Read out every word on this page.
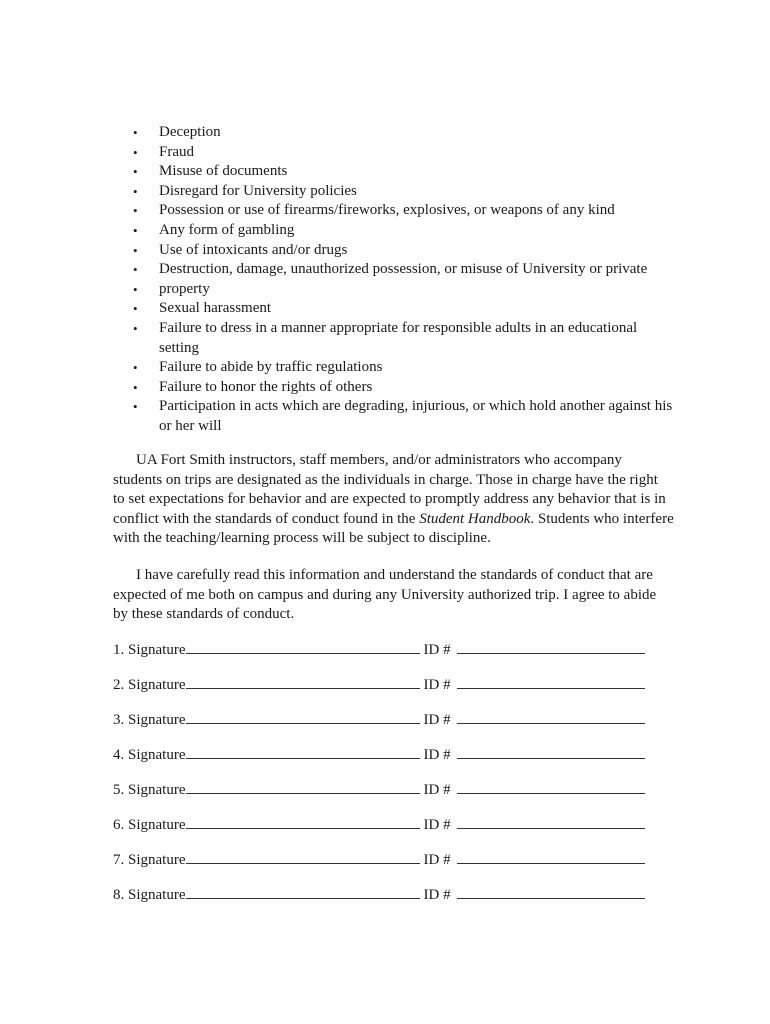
• Deception
• Fraud
• Misuse of documents
• Disregard for University policies
• Possession or use of firearms/fireworks, explosives, or weapons of any kind
• Any form of gambling
• Use of intoxicants and/or drugs
• Destruction, damage, unauthorized possession, or misuse of University or private
• property
• Sexual harassment
• Failure to dress in a manner appropriate for responsible adults in an educational setting
• Failure to abide by traffic regulations
• Failure to honor the rights of others
• Participation in acts which are degrading, injurious, or which hold another against his or her will
UA Fort Smith instructors, staff members, and/or administrators who accompany
students on trips are designated as the individuals in charge. Those in charge have the right
to set expectations for behavior and are expected to promptly address any behavior that is in
conflict with the standards of conduct found in the Student Handbook. Students who interfere
with the teaching/learning process will be subject to discipline.
I have carefully read this information and understand the standards of conduct that are
expected of me both on campus and during any University authorized trip. I agree to abide
by these standards of conduct.
1. Signature	ID #
2. Signature	ID #
3. Signature	ID #
4. Signature	ID #
5. Signature	ID #
6. Signature	ID #
7. Signature	ID #
8. Signature	ID #
